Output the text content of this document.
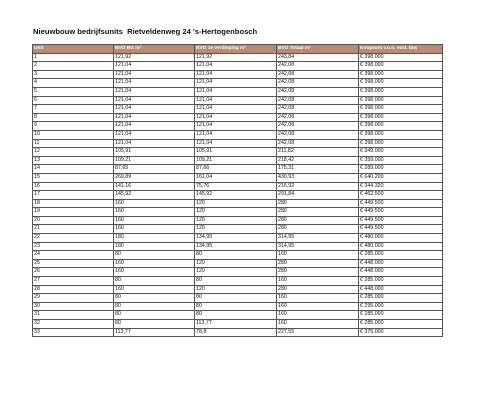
Nieuwbouw bedrijfsunits  Rietveldenweg 24 's-Hertogenbosch
Unit	BVO BG m²	BVO 1e verdieping m²	BVO Totaal m²	Koopsom v.o.n. excl. btw
1	121,92	121,92	243,84	€ 398.000
2	121,04	121,04	242,08	€ 398.000
3	121,04	121,04	242,08	€ 398.000
4	121,04	121,04	242,08	€ 398.000
5	121,04	121,04	242,08	€ 398.000
6	121,04	121,04	242,08	€ 398.000
7	121,04	121,04	242,08	€ 398.000
8	121,04	121,04	242,08	€ 398.000
9	121,04	121,04	242,08	€ 398.000
10	121,04	121,04	242,08	€ 398.000
11	121,04	121,04	242,08	€ 398.000
12	105,91	105,91	211,82	€ 349.000
13	109,21	109,21	218,42	€ 359.000
14	87,65	87,66	175,31	€ 289.000
15	269,89	161,04	430,93	€ 640.200
16	141,16	75,76	216,92	€ 344.320
17	145,92	145,92	291,84	€ 462.500
18	160	120	280	€ 449.500
19	160	120	280	€ 449.500
20	160	120	280	€ 449.500
21	160	120	280	€ 449.500
22	180	134,95	314,95	€ 480.000
23	180	134,95	314,95	€ 480.000
24	80	80	160	€ 285.000
25	160	120	280	€ 448.000
26	160	120	280	€ 448.000
27	80	80	160	€ 285.000
28	160	120	280	€ 448.000
29	80	80	160	€ 285.000
30	80	80	160	€ 295.000
31	80	80	160	€ 285.000
32	80	113,77	160	€ 285.000
33	113,77	78,8	227,55	€ 375.000
